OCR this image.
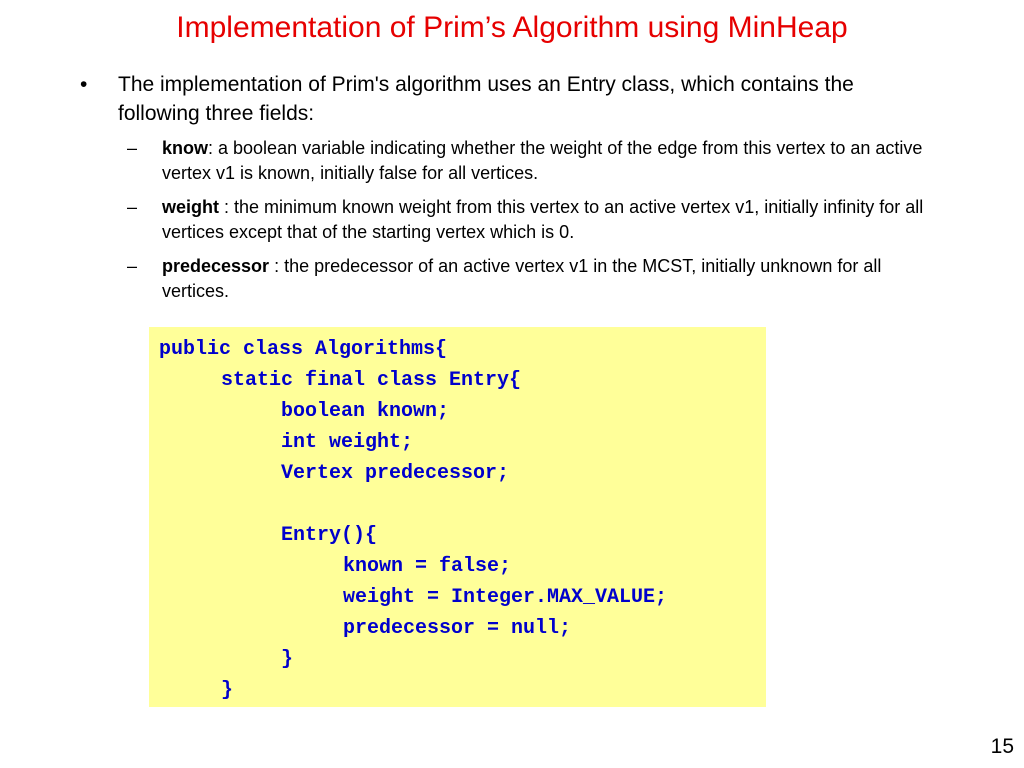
Implementation of Prim’s Algorithm using MinHeap
• The implementation of Prim's algorithm uses an Entry class, which contains the following three fields:
– know: a boolean variable indicating whether the weight of the edge from this vertex to an active vertex v1 is known, initially false for all vertices.
– weight : the minimum known weight from this vertex to an active vertex v1, initially infinity for all vertices except that of the starting vertex which is 0.
– predecessor : the predecessor of an active vertex v1 in the MCST, initially unknown for all vertices.
public class Algorithms{
static final class Entry{
boolean known;
int weight;
Vertex predecessor;
Entry(){
known = false;
weight = Integer.MAX_VALUE;
predecessor = null;
}
}
15
